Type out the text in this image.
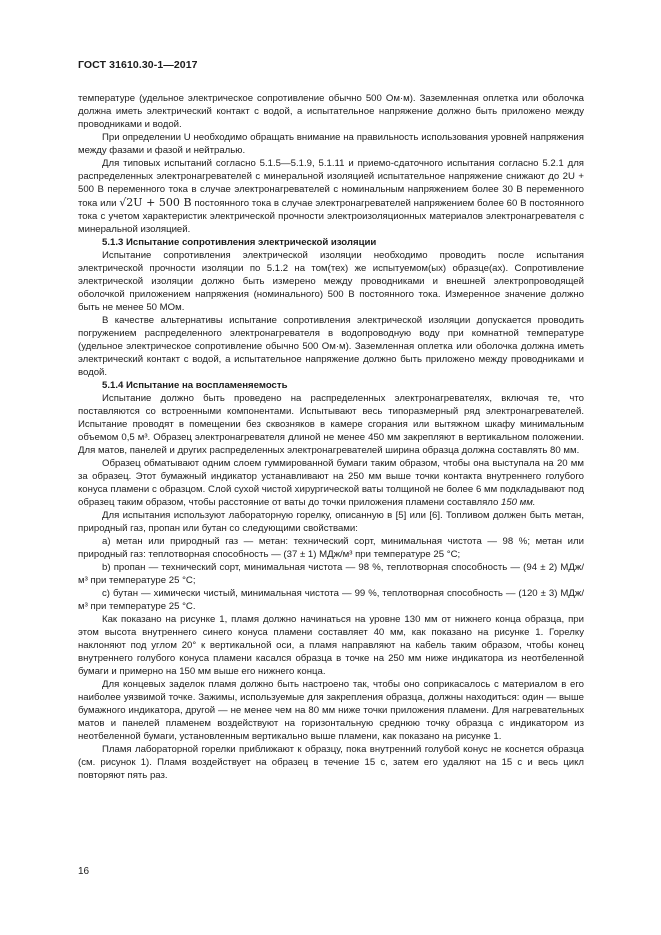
ГОСТ 31610.30-1—2017

температуре (удельное электрическое сопротивление обычно 500 Ом·м). Заземленная оплетка или оболочка должна иметь электрический контакт с водой, а испытательное напряжение должно быть приложено между проводниками и водой.

При определении U необходимо обращать внимание на правильность использования уровней напряжения между фазами и фазой и нейтралью.

Для типовых испытаний согласно 5.1.5—5.1.9, 5.1.11 и приемо-сдаточного испытания согласно 5.2.1 для распределенных электронагревателей с минеральной изоляцией испытательное напряжение снижают до 2U + 500 В переменного тока в случае электронагревателей с номинальным напряжением более 30 В переменного тока или √2U + 500 В постоянного тока в случае электронагревателей напряжением более 60 В постоянного тока с учетом характеристик электрической прочности электроизоляционных материалов электронагревателя с минеральной изоляцией.

5.1.3 Испытание сопротивления электрической изоляции

Испытание сопротивления электрической изоляции необходимо проводить после испытания электрической прочности изоляции по 5.1.2 на том(тех) же испытуемом(ых) образце(ах). Сопротивление электрической изоляции должно быть измерено между проводниками и внешней электропроводящей оболочкой приложением напряжения (номинального) 500 В постоянного тока. Измеренное значение должно быть не менее 50 МОм.

В качестве альтернативы испытание сопротивления электрической изоляции допускается проводить погружением распределенного электронагревателя в водопроводную воду при комнатной температуре (удельное электрическое сопротивление обычно 500 Ом·м). Заземленная оплетка или оболочка должна иметь электрический контакт с водой, а испытательное напряжение должно быть приложено между проводниками и водой.

5.1.4 Испытание на воспламеняемость

Испытание должно быть проведено на распределенных электронагревателях, включая те, что поставляются со встроенными компонентами. Испытывают весь типоразмерный ряд электронагревателей. Испытание проводят в помещении без сквозняков в камере сгорания или вытяжном шкафу минимальным объемом 0,5 м³. Образец электронагревателя длиной не менее 450 мм закрепляют в вертикальном положении. Для матов, панелей и других распределенных электронагревателей ширина образца должна составлять 80 мм.

Образец обматывают одним слоем гуммированной бумаги таким образом, чтобы она выступала на 20 мм за образец. Этот бумажный индикатор устанавливают на 250 мм выше точки контакта внутреннего голубого конуса пламени с образцом. Слой сухой чистой хирургической ваты толщиной не более 6 мм подкладывают под образец таким образом, чтобы расстояние от ваты до точки приложения пламени составляло 150 мм.

Для испытания используют лабораторную горелку, описанную в [5] или [6]. Топливом должен быть метан, природный газ, пропан или бутан со следующими свойствами:

а) метан или природный газ — метан: технический сорт, минимальная чистота — 98 %; метан или природный газ: теплотворная способность — (37 ± 1) МДж/м³ при температуре 25 °С;

b) пропан — технический сорт, минимальная чистота — 98 %, теплотворная способность — (94 ± 2) МДж/м³ при температуре 25 °С;

с) бутан — химически чистый, минимальная чистота — 99 %, теплотворная способность — (120 ± 3) МДж/м³ при температуре 25 °С.

Как показано на рисунке 1, пламя должно начинаться на уровне 130 мм от нижнего конца образца, при этом высота внутреннего синего конуса пламени составляет 40 мм, как показано на рисунке 1. Горелку наклоняют под углом 20° к вертикальной оси, а пламя направляют на кабель таким образом, чтобы конец внутреннего голубого конуса пламени касался образца в точке на 250 мм ниже индикатора из неотбеленной бумаги и примерно на 150 мм выше его нижнего конца.

Для концевых заделок пламя должно быть настроено так, чтобы оно соприкасалось с материалом в его наиболее уязвимой точке. Зажимы, используемые для закрепления образца, должны находиться: один — выше бумажного индикатора, другой — не менее чем на 80 мм ниже точки приложения пламени. Для нагревательных матов и панелей пламенем воздействуют на горизонтальную среднюю точку образца с индикатором из неотбеленной бумаги, установленным вертикально выше пламени, как показано на рисунке 1.

Пламя лабораторной горелки приближают к образцу, пока внутренний голубой конус не коснется образца (см. рисунок 1). Пламя воздействует на образец в течение 15 с, затем его удаляют на 15 с и весь цикл повторяют пять раз.

16
